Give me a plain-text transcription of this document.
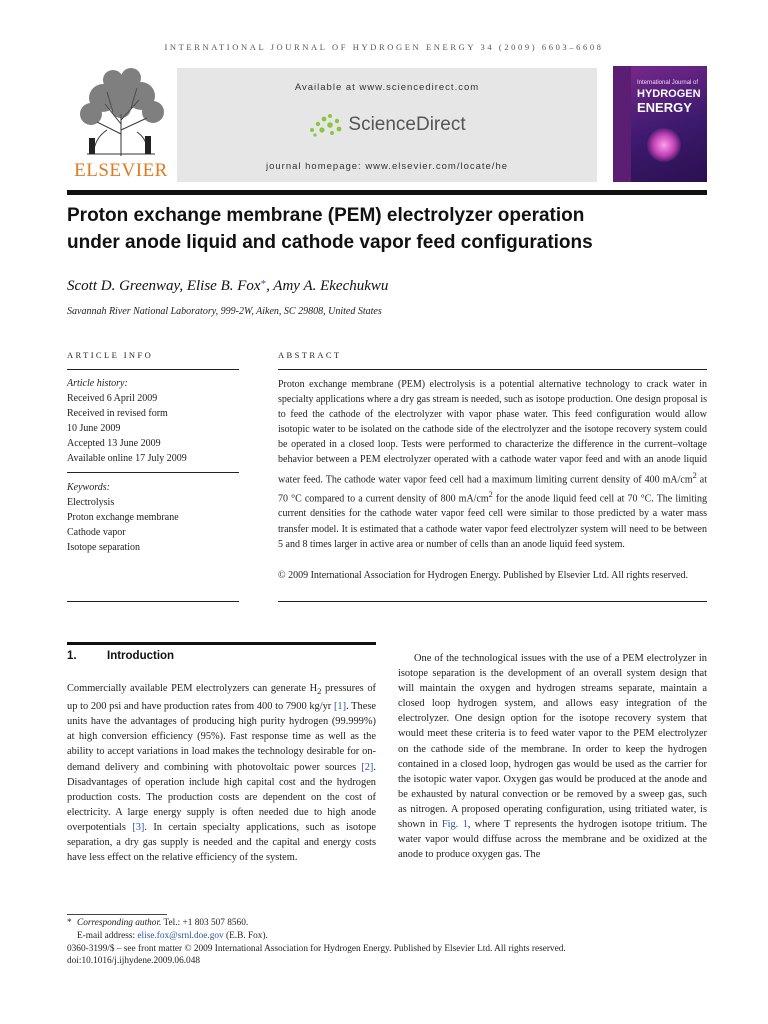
INTERNATIONAL JOURNAL OF HYDROGEN ENERGY 34 (2009) 6603–6608
ELSEVIER
Available at www.sciencedirect.com
ScienceDirect
journal homepage: www.elsevier.com/locate/he
International Journal of
HYDROGEN
ENERGY
Proton exchange membrane (PEM) electrolyzer operation
under anode liquid and cathode vapor feed configurations
Scott D. Greenway, Elise B. Fox*, Amy A. Ekechukwu
Savannah River National Laboratory, 999-2W, Aiken, SC 29808, United States
ARTICLE INFO	ABSTRACT
Article history:
Received 6 April 2009
Received in revised form
10 June 2009
Accepted 13 June 2009
Available online 17 July 2009
Keywords:
Electrolysis
Proton exchange membrane
Cathode vapor
Isotope separation

Proton exchange membrane (PEM) electrolysis is a potential alternative technology to crack water in specialty applications where a dry gas stream is needed, such as isotope production. One design proposal is to feed the cathode of the electrolyzer with vapor phase water. This feed configuration would allow isotopic water to be isolated on the cathode side of the electrolyzer and the isotope recovery system could be operated in a closed loop. Tests were performed to characterize the difference in the current–voltage behavior between a PEM electrolyzer operated with a cathode water vapor feed and with an anode liquid water feed. The cathode water vapor feed cell had a maximum limiting current density of 400 $mA/cm^2$ at 70 °C compared to a current density of 800 $mA/cm^2$ for the anode liquid feed cell at 70 °C. The limiting current densities for the cathode water vapor feed cell were similar to those predicted by a water mass transfer model. It is estimated that a cathode water vapor feed electrolyzer system will need to be between 5 and 8 times larger in active area or number of cells than an anode liquid feed system.

© 2009 International Association for Hydrogen Energy. Published by Elsevier Ltd. All rights reserved.
1.	Introduction

Commercially available PEM electrolyzers can generate $H_2$ pressures of up to 200 psi and have production rates from 400 to 7900 kg/yr [1]. These units have the advantages of producing high purity hydrogen (99.999%) at high conversion efficiency (95%). Fast response time as well as the ability to accept variations in load makes the technology desirable for on-demand delivery and combining with photovoltaic power sources [2]. Disadvantages of operation include high capital cost and the hydrogen production costs. The production costs are dependent on the cost of electricity. A large energy supply is often needed due to high anode overpotentials [3]. In certain specialty applications, such as isotope separation, a dry gas supply is needed and the capital and energy costs have less effect on the relative efficiency of the system.

One of the technological issues with the use of a PEM electrolyzer in isotope separation is the development of an overall system design that will maintain the oxygen and hydrogen streams separate, maintain a closed loop hydrogen system, and allows easy integration of the electrolyzer. One design option for the isotope recovery system that would meet these criteria is to feed water vapor to the PEM electrolyzer on the cathode side of the membrane. In order to keep the hydrogen contained in a closed loop, hydrogen gas would be used as the carrier for the isotopic water vapor. Oxygen gas would be produced at the anode and be exhausted by natural convection or be removed by a sweep gas, such as nitrogen. A proposed operating configuration, using tritiated water, is shown in Fig. 1, where T represents the hydrogen isotope tritium. The water vapor would diffuse across the membrane and be oxidized at the anode to produce oxygen gas. The

* Corresponding author. Tel.: +1 803 507 8560.
E-mail address: elise.fox@srnl.doe.gov (E.B. Fox).
0360-3199/$ – see front matter © 2009 International Association for Hydrogen Energy. Published by Elsevier Ltd. All rights reserved.
doi:10.1016/j.ijhydene.2009.06.048
